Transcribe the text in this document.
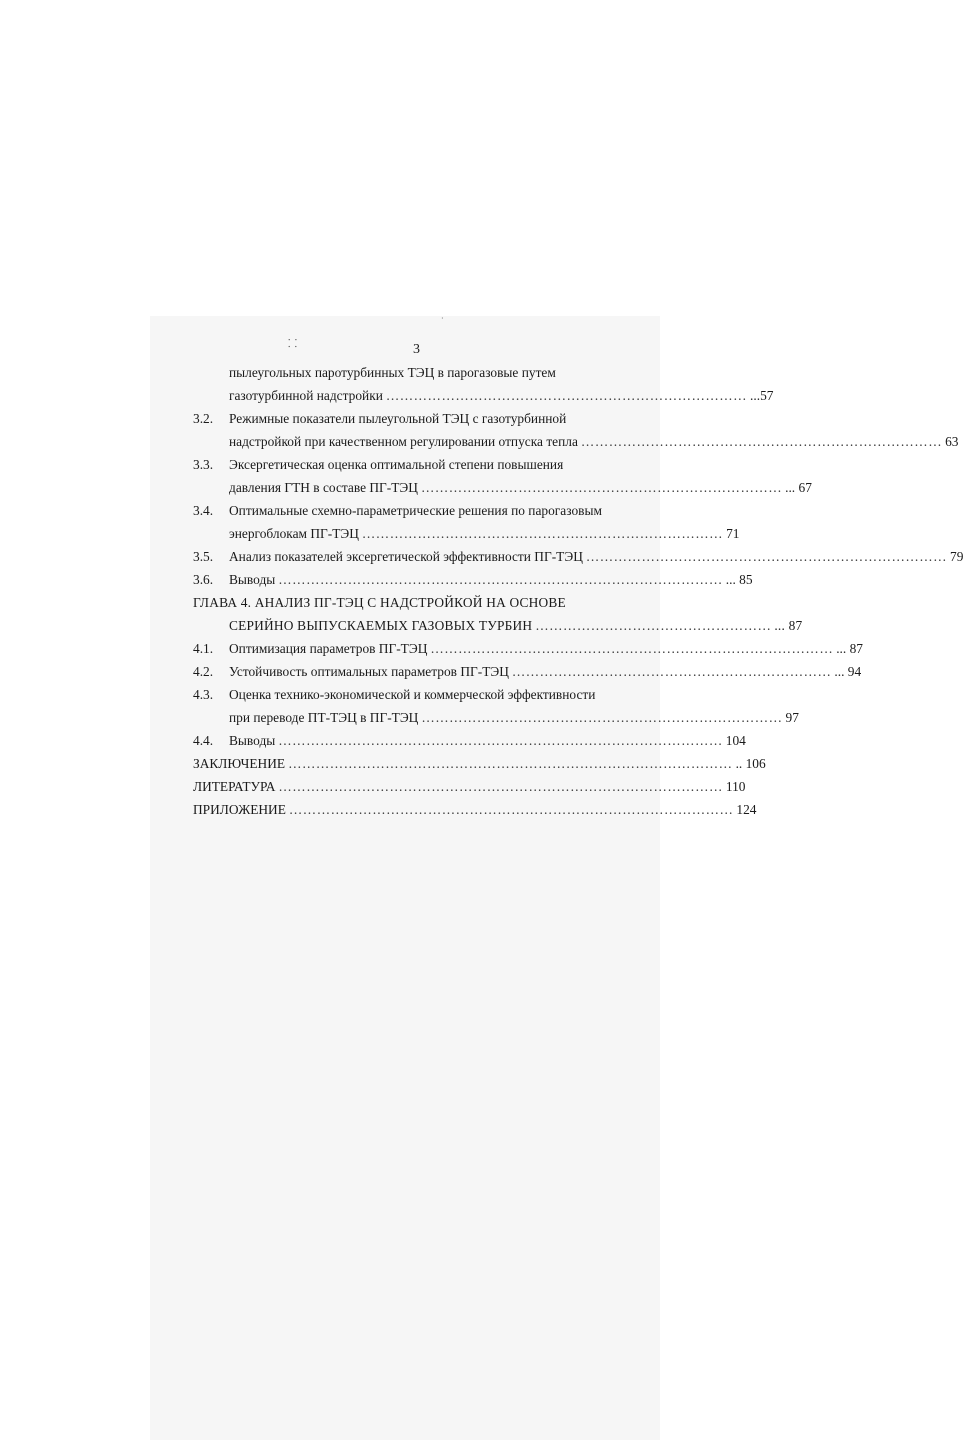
⸬
·
3
пылеугольных паротурбинных ТЭЦ в парогазовые путем
газотурбинной надстройки …………………………………………………………………… ...57
3.2. Режимные показатели пылеугольной ТЭЦ с газотурбинной
надстройкой при качественном регулировании отпуска тепла …………………………………………………………………… 63
3.3. Эксергетическая оценка оптимальной степени повышения
давления ГТН в составе ПГ-ТЭЦ …………………………………………………………………… ... 67
3.4. Оптимальные схемно-параметрические решения по парогазовым
энергоблокам ПГ-ТЭЦ …………………………………………………………………… 71
3.5. Анализ показателей эксергетической эффективности ПГ-ТЭЦ …………………………………………………………………… 79
3.6. Выводы …………………………………………………………………………………… ... 85
ГЛАВА 4. АНАЛИЗ ПГ-ТЭЦ С НАДСТРОЙКОЙ НА ОСНОВЕ
СЕРИЙНО ВЫПУСКАЕМЫХ ГАЗОВЫХ ТУРБИН …………………………………………… ... 87
4.1. Оптимизация параметров ПГ-ТЭЦ …………………………………………………………………………… ... 87
4.2. Устойчивость оптимальных параметров ПГ-ТЭЦ …………………………………………………………… ... 94
4.3. Оценка технико-экономической и коммерческой эффективности
при переводе ПТ-ТЭЦ в ПГ-ТЭЦ …………………………………………………………………… 97
4.4. Выводы …………………………………………………………………………………… 104
ЗАКЛЮЧЕНИЕ …………………………………………………………………………………… .. 106
ЛИТЕРАТУРА …………………………………………………………………………………… 110
ПРИЛОЖЕНИЕ …………………………………………………………………………………… 124
